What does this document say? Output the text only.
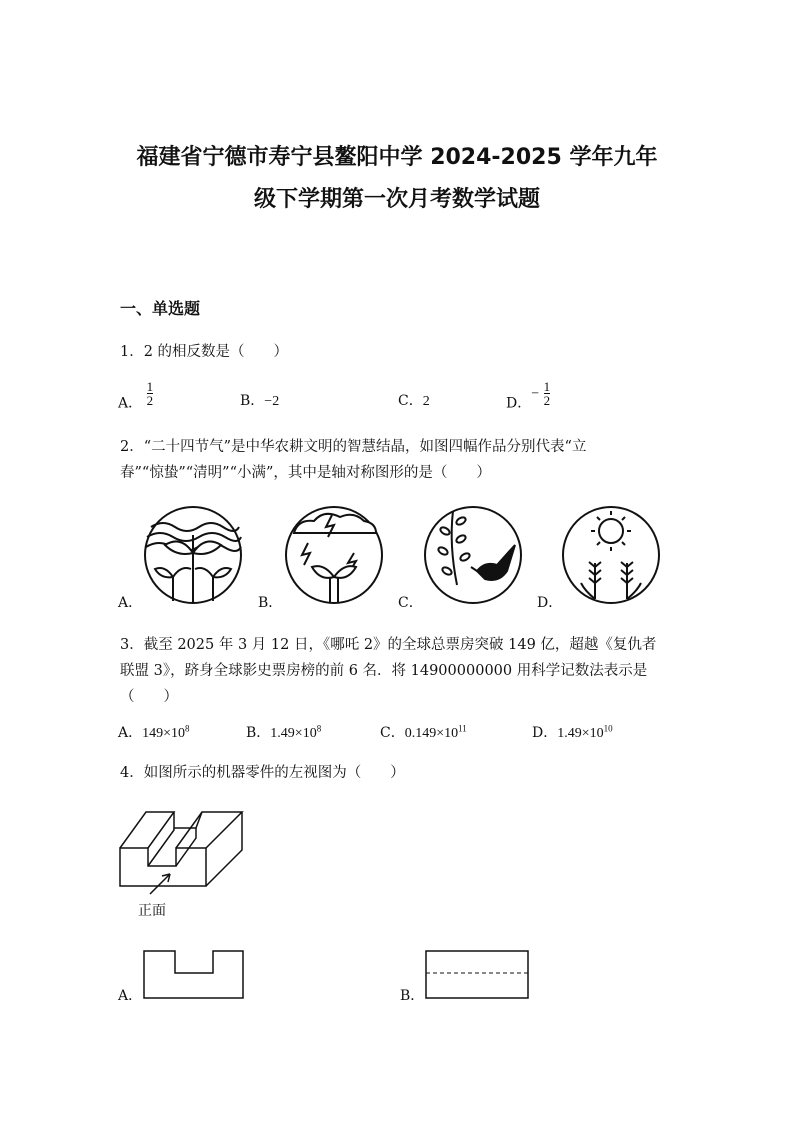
福建省宁德市寿宁县鳌阳中学 2024-2025 学年九年
级下学期第一次月考数学试题
一、单选题
1．2 的相反数是（　　）
A． $\frac{1}{2}$	B．−2	C．2	D．− $\frac{1}{2}$
2．“二十四节气”是中华农耕文明的智慧结晶，如图四幅作品分别代表“立
春”“惊蛰”“清明”“小满”，其中是轴对称图形的是（　　）
A．	B．	C．	D．
3．截至 2025 年 3 月 12 日，《哪吒 2》的全球总票房突破 149 亿，超越《复仇者
联盟 3》，跻身全球影史票房榜的前 6 名．将 14900000000 用科学记数法表示是
（　　）
A．$149\times 10^8$	B．$1.49\times 10^8$	C．$0.149\times 10^{11}$	D．$1.49\times 10^{10}$
4．如图所示的机器零件的左视图为（　　）
正面
A．	B．
